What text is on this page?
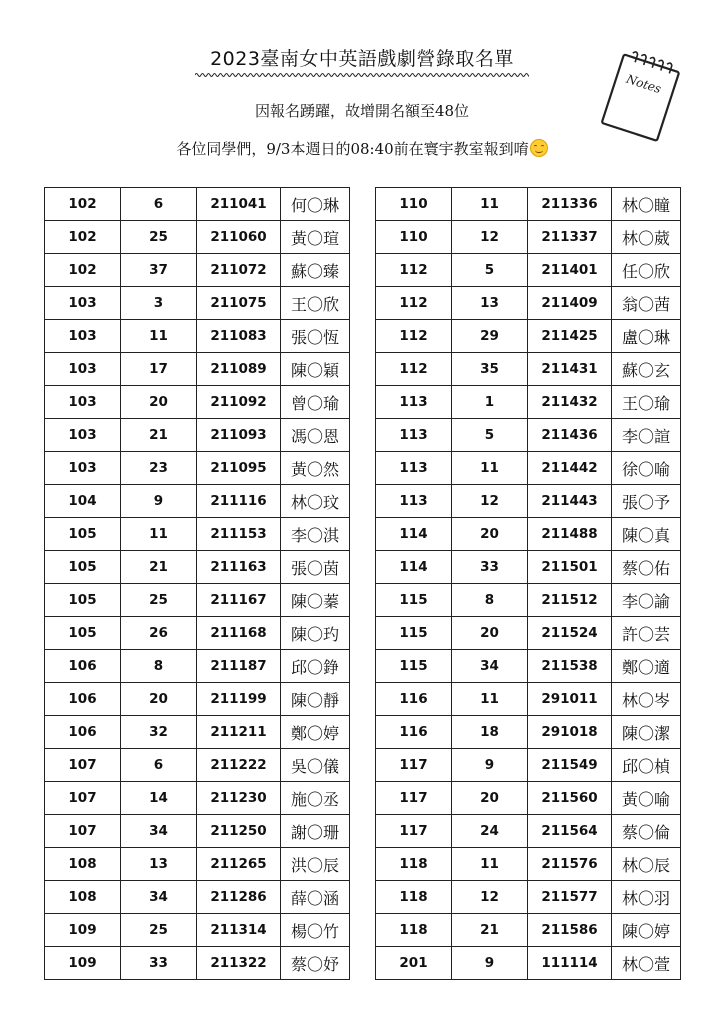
2023臺南女中英語戲劇營錄取名單
Notes
因報名踴躍，故增開名額至48位
各位同學們，9/3本週日的08:40前在寰宇教室報到唷
102	6	211041	何〇琳
102	25	211060	黃〇瑄
102	37	211072	蘇〇臻
103	3	211075	王〇欣
103	11	211083	張〇恆
103	17	211089	陳〇穎
103	20	211092	曾〇瑜
103	21	211093	馮〇恩
103	23	211095	黃〇然
104	9	211116	林〇玟
105	11	211153	李〇淇
105	21	211163	張〇茵
105	25	211167	陳〇蓁
105	26	211168	陳〇玓
106	8	211187	邱〇錚
106	20	211199	陳〇靜
106	32	211211	鄭〇婷
107	6	211222	吳〇儀
107	14	211230	施〇丞
107	34	211250	謝〇珊
108	13	211265	洪〇辰
108	34	211286	薛〇涵
109	25	211314	楊〇竹
109	33	211322	蔡〇妤
110	11	211336	林〇瞳
110	12	211337	林〇葳
112	5	211401	任〇欣
112	13	211409	翁〇茜
112	29	211425	盧〇琳
112	35	211431	蘇〇玄
113	1	211432	王〇瑜
113	5	211436	李〇諠
113	11	211442	徐〇喻
113	12	211443	張〇予
114	20	211488	陳〇真
114	33	211501	蔡〇佑
115	8	211512	李〇諭
115	20	211524	許〇芸
115	34	211538	鄭〇適
116	11	291011	林〇岑
116	18	291018	陳〇潔
117	9	211549	邱〇楨
117	20	211560	黃〇喻
117	24	211564	蔡〇倫
118	11	211576	林〇辰
118	12	211577	林〇羽
118	21	211586	陳〇婷
201	9	111114	林〇萱
